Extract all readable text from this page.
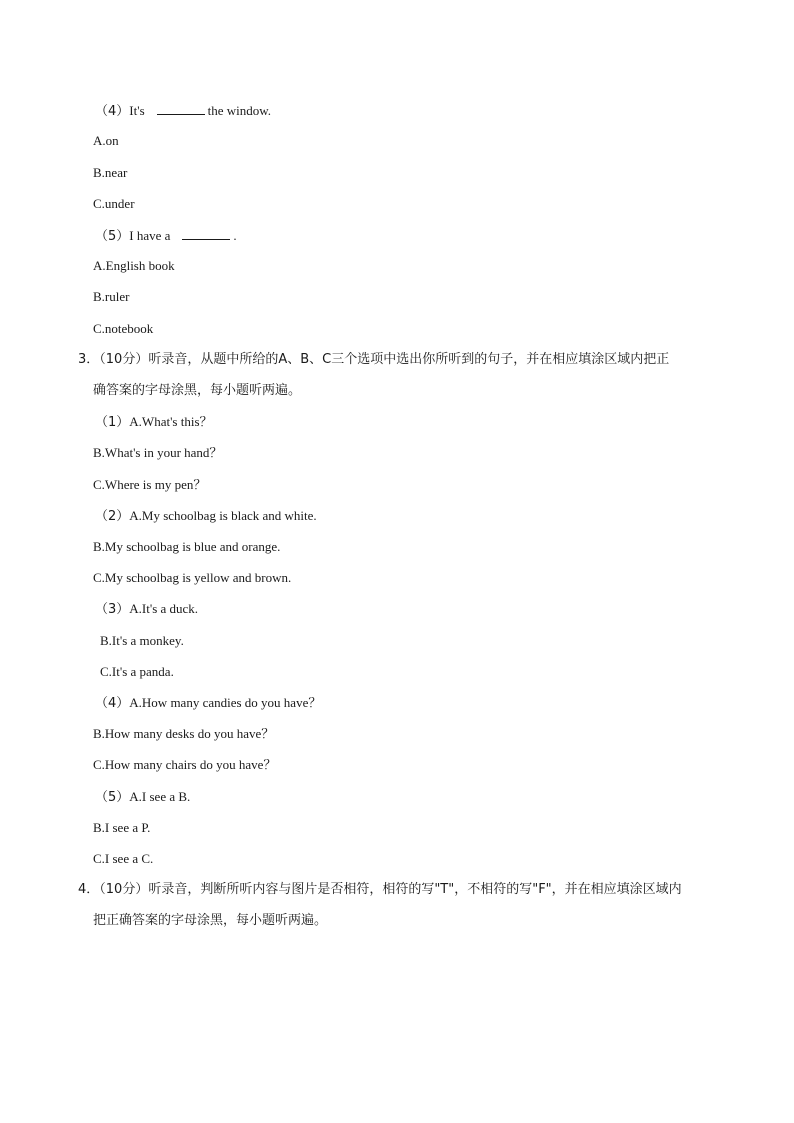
（4）It's	the window.
A.on
B.near
C.under
（5）I have a	.
A.English book
B.ruler
C.notebook
3．（10分）听录音，从题中所给的A、B、C三个选项中选出你所听到的句子，并在相应填涂区域内把正
确答案的字母涂黑，每小题听两遍。
（1）A.What's this？
B.What's in your hand？
C.Where is my pen？
（2）A.My schoolbag is black and white.
B.My schoolbag is blue and orange.
C.My schoolbag is yellow and brown.
（3）A.It's a duck.
B.It's a monkey.
C.It's a panda.
（4）A.How many candies do you have？
B.How many desks do you have？
C.How many chairs do you have？
（5）A.I see a B.
B.I see a P.
C.I see a C.
4．（10分）听录音，判断所听内容与图片是否相符，相符的写"T"，不相符的写"F"，并在相应填涂区域内
把正确答案的字母涂黑，每小题听两遍。
